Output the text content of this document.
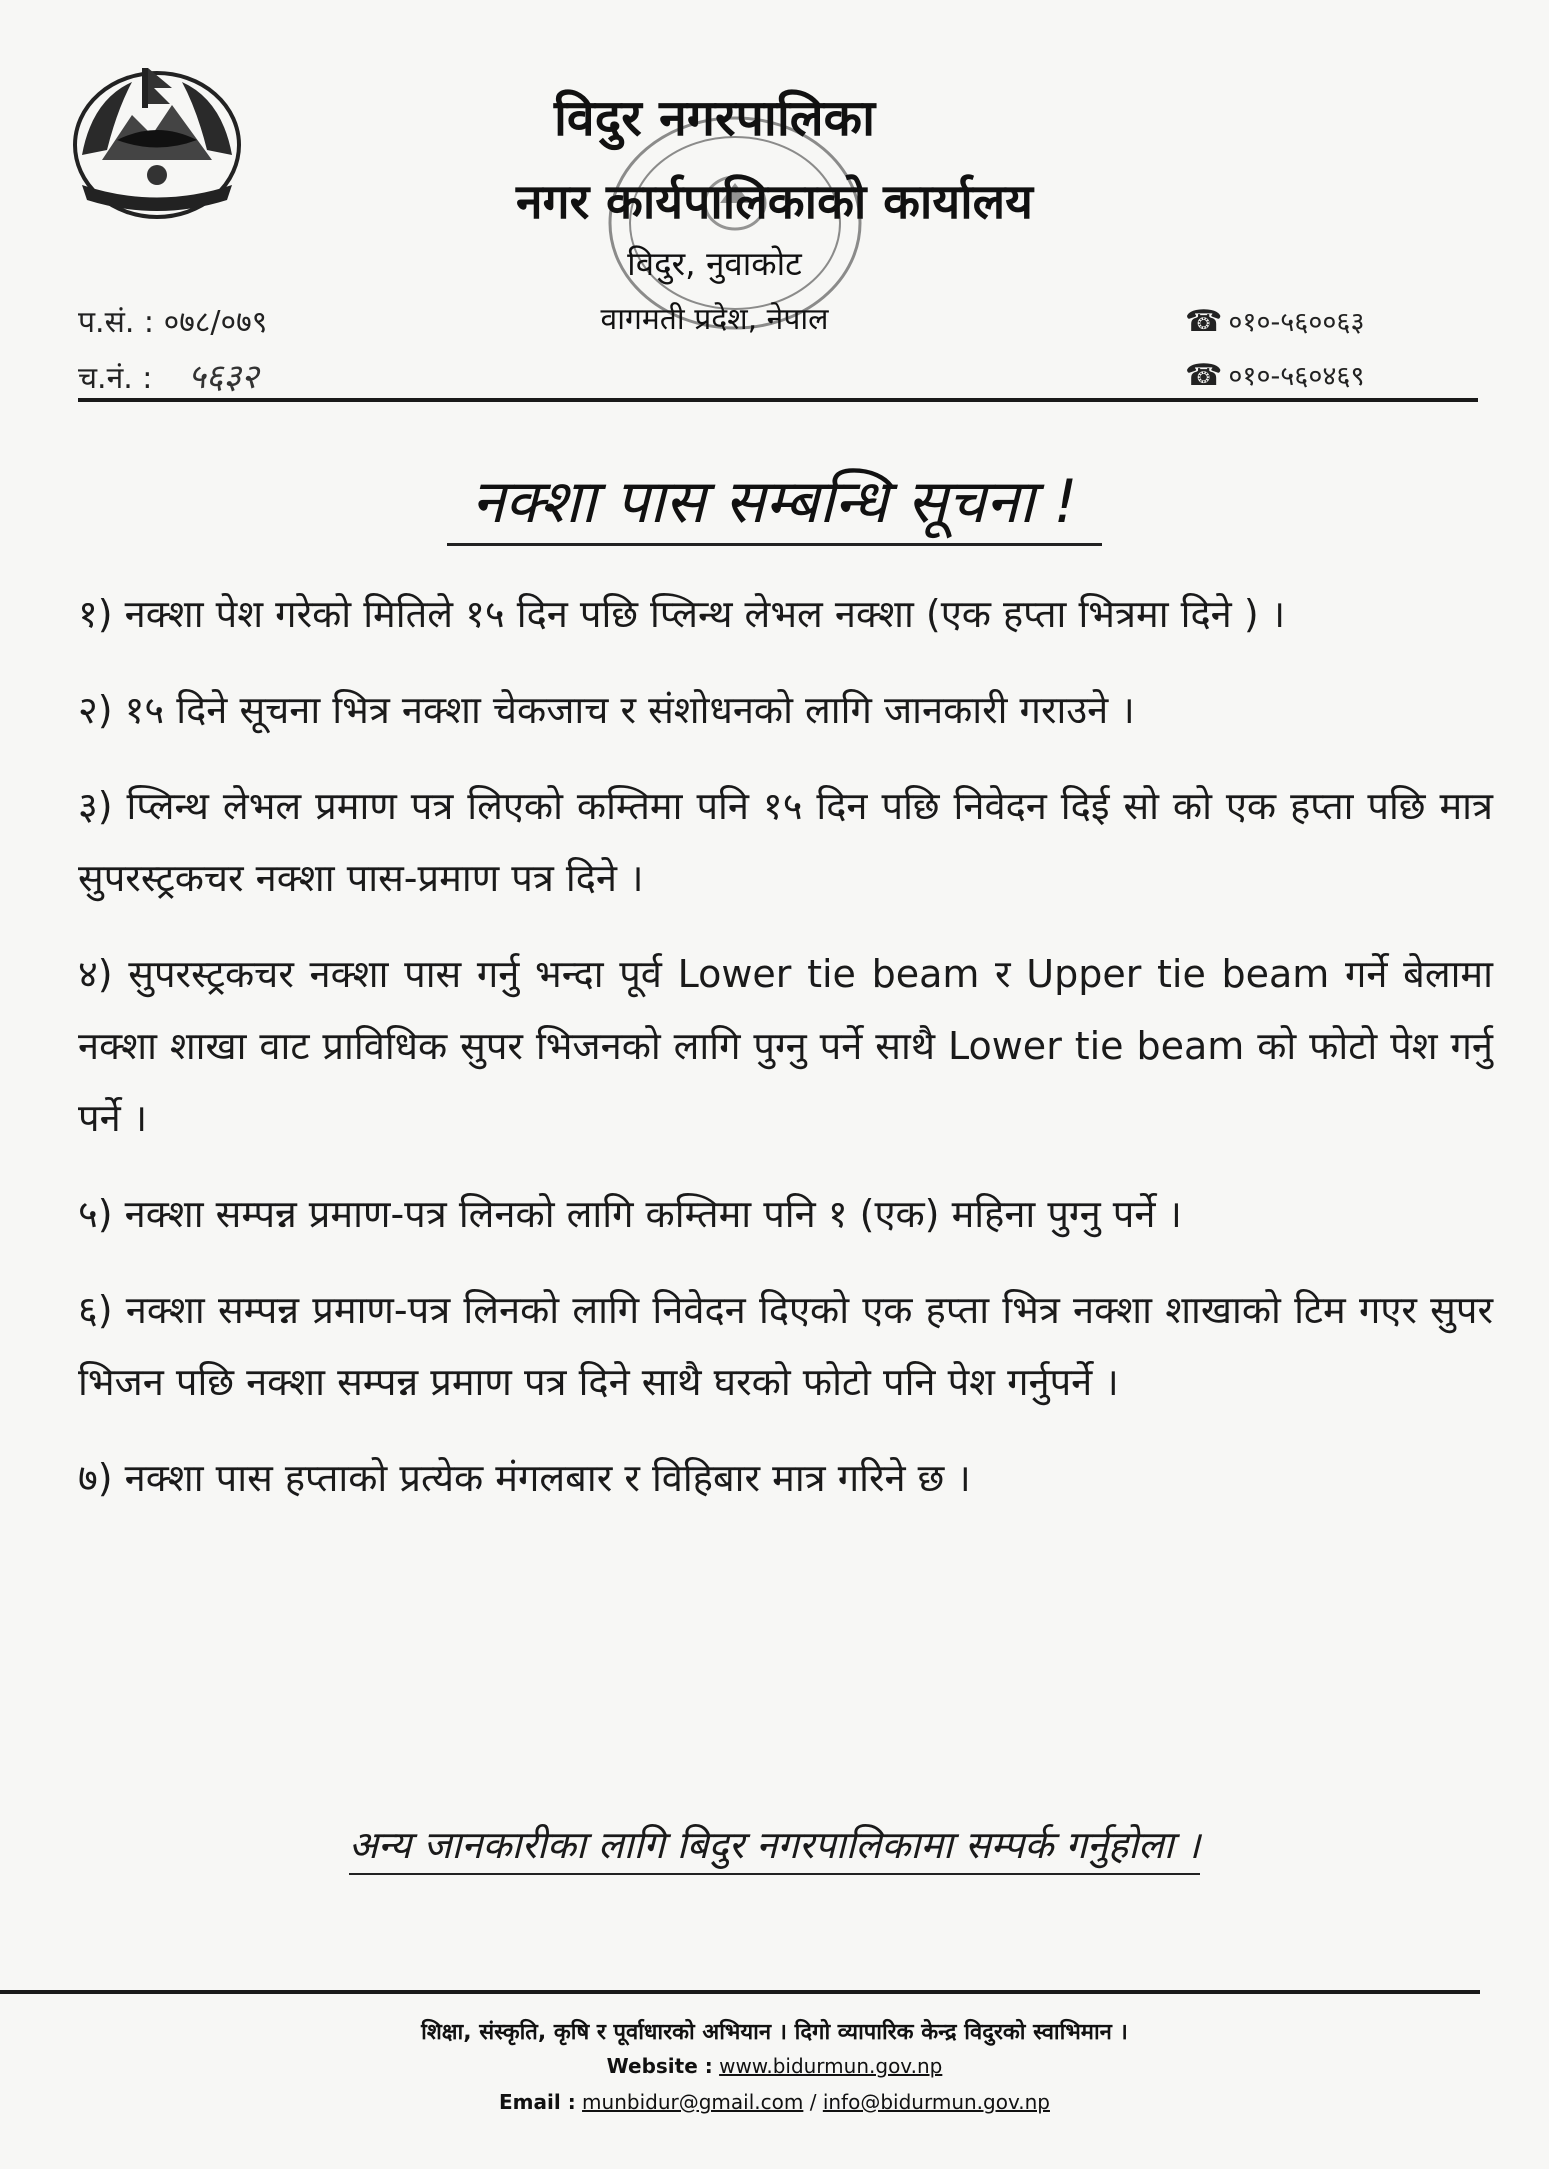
विदुर नगरपालिका
नगर कार्यपालिकाको कार्यालय
विदुर, नुवाकोट
वागमती प्रदेश, नेपाल
प.सं. : ०७८/०७९
च.नं. : ५६३२
☎ ०१०-५६००६३
☎ ०१०-५६०४६९
नक्शा पास सम्बन्धि सूचना !

१) नक्शा पेश गरेको मितिले १५ दिन पछि प्लिन्थ लेभल नक्शा (एक हप्ता भित्रमा दिने ) ।

२) १५ दिने सूचना भित्र नक्शा चेकजाच र संशोधनको लागि जानकारी गराउने ।

३) प्लिन्थ लेभल प्रमाण पत्र लिएको कम्तिमा पनि १५ दिन पछि निवेदन दिई सो को एक हप्ता पछि मात्र सुपरस्ट्रकचर नक्शा पास-प्रमाण पत्र दिने ।

४) सुपरस्ट्रकचर नक्शा पास गर्नु भन्दा पूर्व Lower tie beam र Upper tie beam गर्ने बेलामा नक्शा शाखा वाट प्राविधिक सुपर भिजनको लागि पुग्नु पर्ने साथै Lower tie beam को फोटो पेश गर्नु पर्ने ।

५) नक्शा सम्पन्न प्रमाण-पत्र लिनको लागि कम्तिमा पनि १ (एक) महिना पुग्नु पर्ने ।

६) नक्शा सम्पन्न प्रमाण-पत्र लिनको लागि निवेदन दिएको एक हप्ता भित्र नक्शा शाखाको टिम गएर सुपर भिजन पछि नक्शा सम्पन्न प्रमाण पत्र दिने साथै घरको फोटो पनि पेश गर्नुपर्ने ।

७) नक्शा पास हप्ताको प्रत्येक मंगलबार र विहिबार मात्र गरिने छ ।

अन्य जानकारीका लागि बिदुर नगरपालिकामा सम्पर्क गर्नुहोला ।
शिक्षा, संस्कृति, कृषि र पूर्वाधारको अभियान । दिगो व्यापारिक केन्द्र विदुरको स्वाभिमान ।
Website : www.bidurmun.gov.np
Email : munbidur@gmail.com / info@bidurmun.gov.np
